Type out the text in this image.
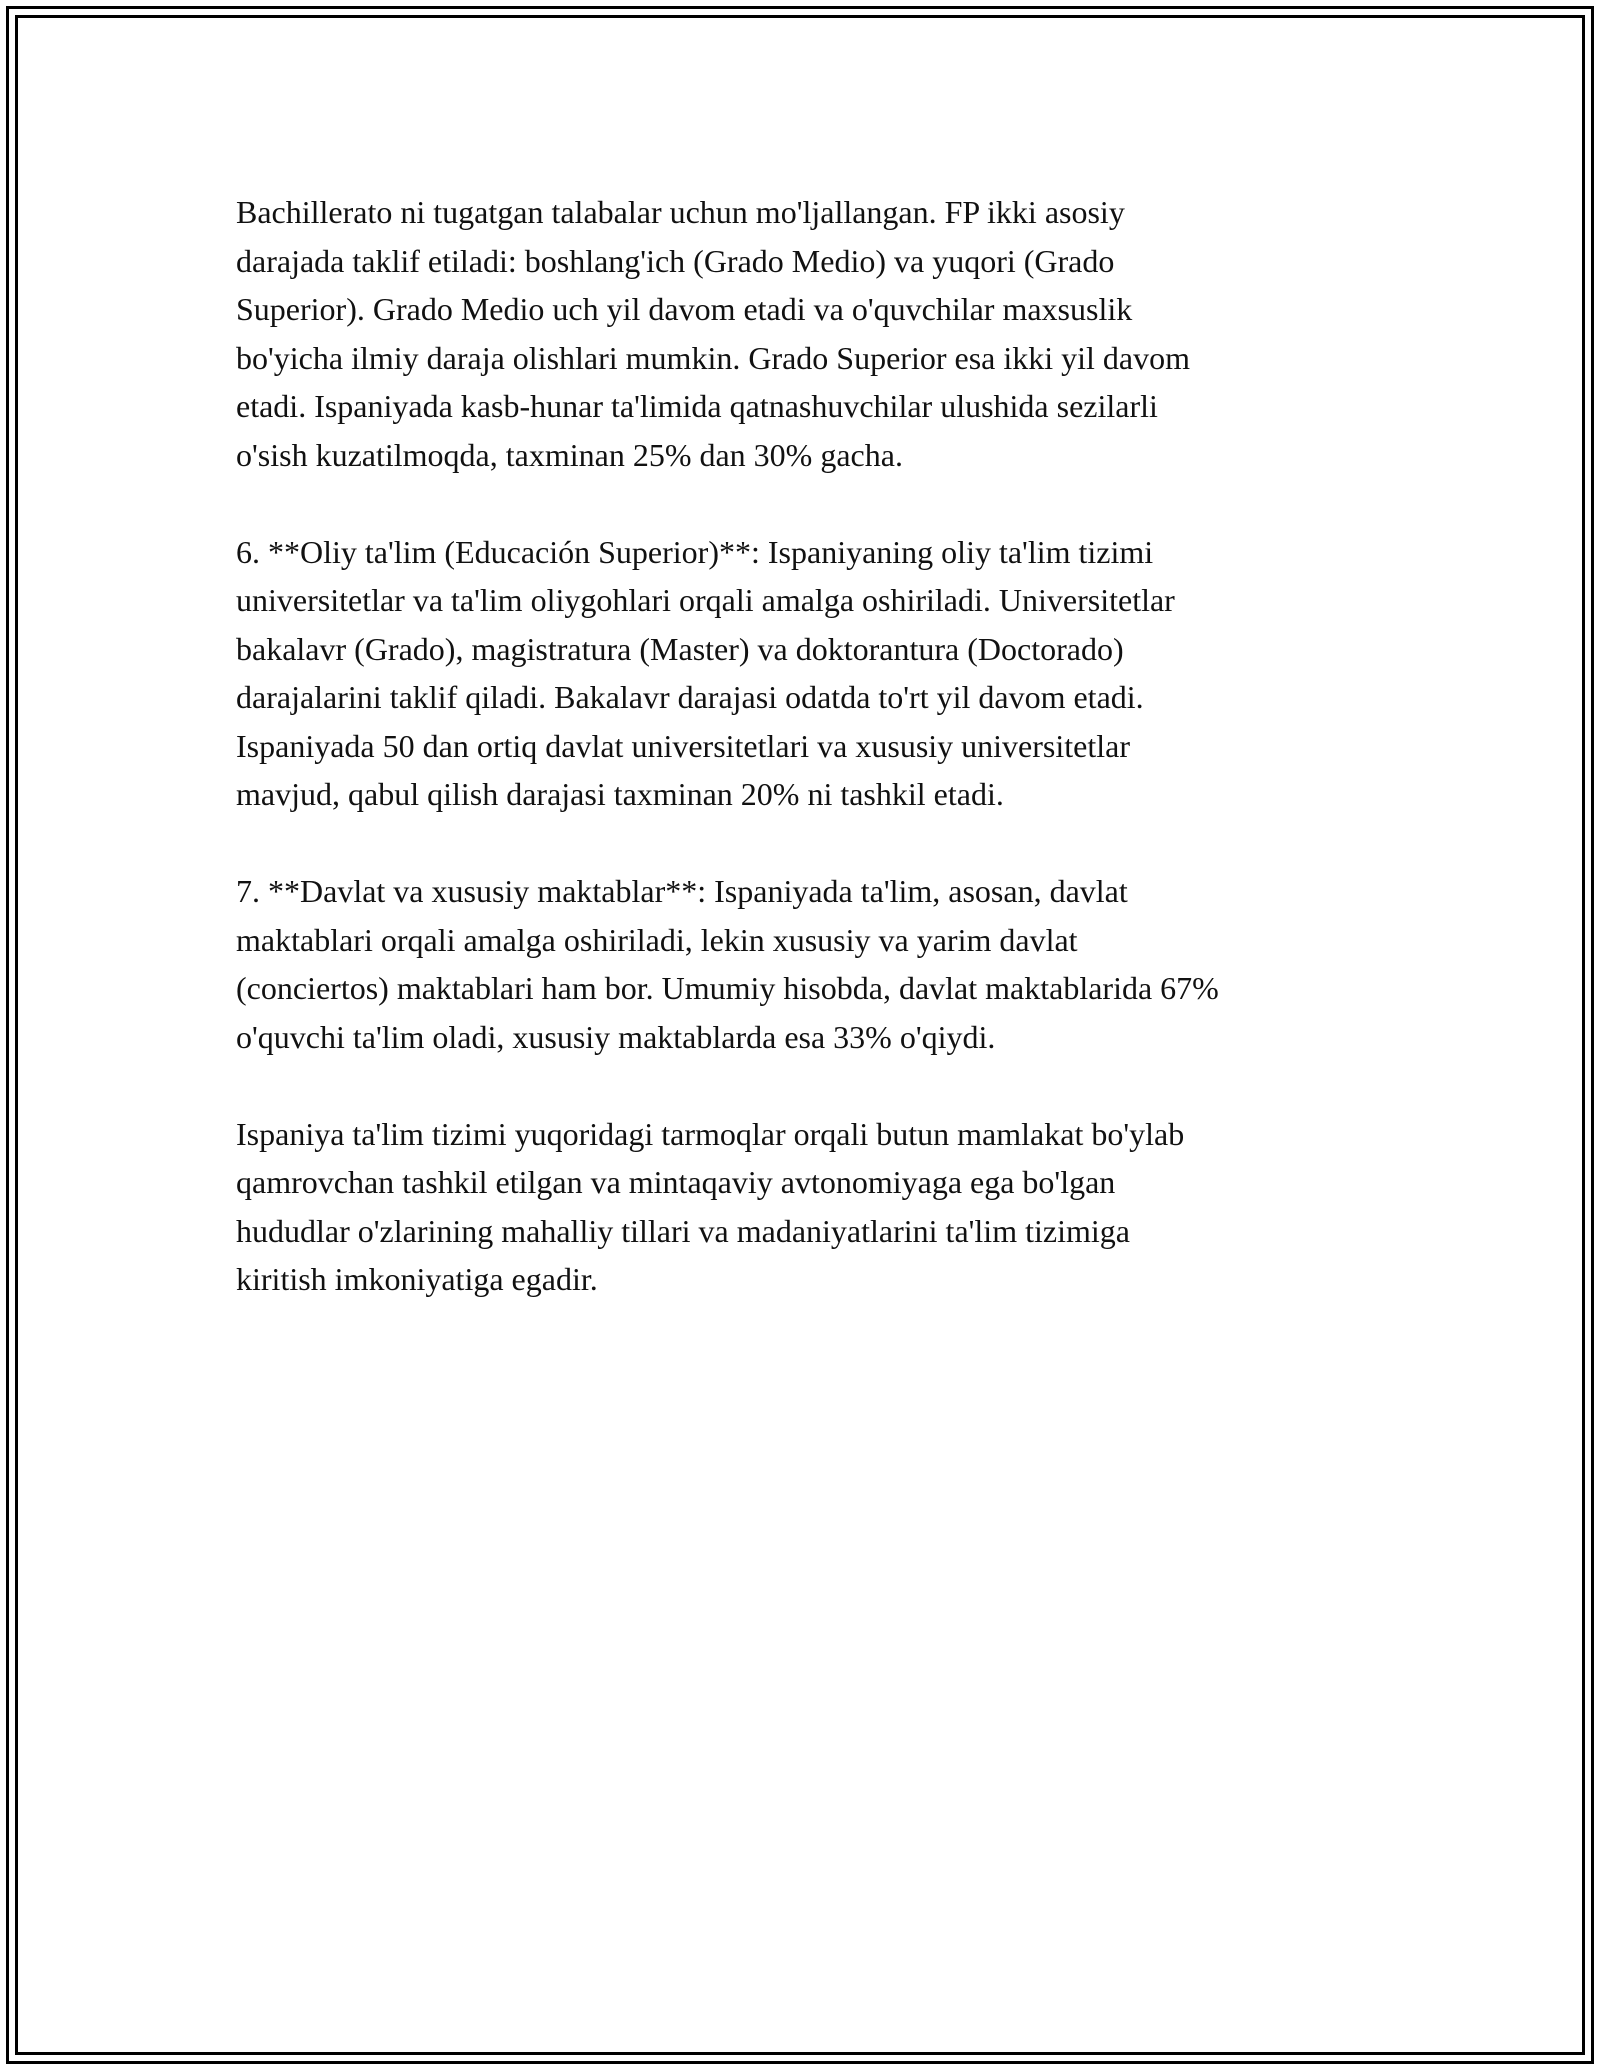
Bachillerato ni tugatgan talabalar uchun mo'ljallangan. FP ikki asosiy
darajada taklif etiladi: boshlang'ich (Grado Medio) va yuqori (Grado
Superior). Grado Medio uch yil davom etadi va o'quvchilar maxsuslik
bo'yicha ilmiy daraja olishlari mumkin. Grado Superior esa ikki yil davom
etadi. Ispaniyada kasb-hunar ta'limida qatnashuvchilar ulushida sezilarli
o'sish kuzatilmoqda, taxminan 25% dan 30% gacha.

6. **Oliy ta'lim (Educación Superior)**: Ispaniyaning oliy ta'lim tizimi
universitetlar va ta'lim oliygohlari orqali amalga oshiriladi. Universitetlar
bakalavr (Grado), magistratura (Master) va doktorantura (Doctorado)
darajalarini taklif qiladi. Bakalavr darajasi odatda to'rt yil davom etadi.
Ispaniyada 50 dan ortiq davlat universitetlari va xususiy universitetlar
mavjud, qabul qilish darajasi taxminan 20% ni tashkil etadi.

7. **Davlat va xususiy maktablar**: Ispaniyada ta'lim, asosan, davlat
maktablari orqali amalga oshiriladi, lekin xususiy va yarim davlat
(conciertos) maktablari ham bor. Umumiy hisobda, davlat maktablarida 67%
o'quvchi ta'lim oladi, xususiy maktablarda esa 33% o'qiydi.

Ispaniya ta'lim tizimi yuqoridagi tarmoqlar orqali butun mamlakat bo'ylab
qamrovchan tashkil etilgan va mintaqaviy avtonomiyaga ega bo'lgan
hududlar o'zlarining mahalliy tillari va madaniyatlarini ta'lim tizimiga
kiritish imkoniyatiga egadir.
